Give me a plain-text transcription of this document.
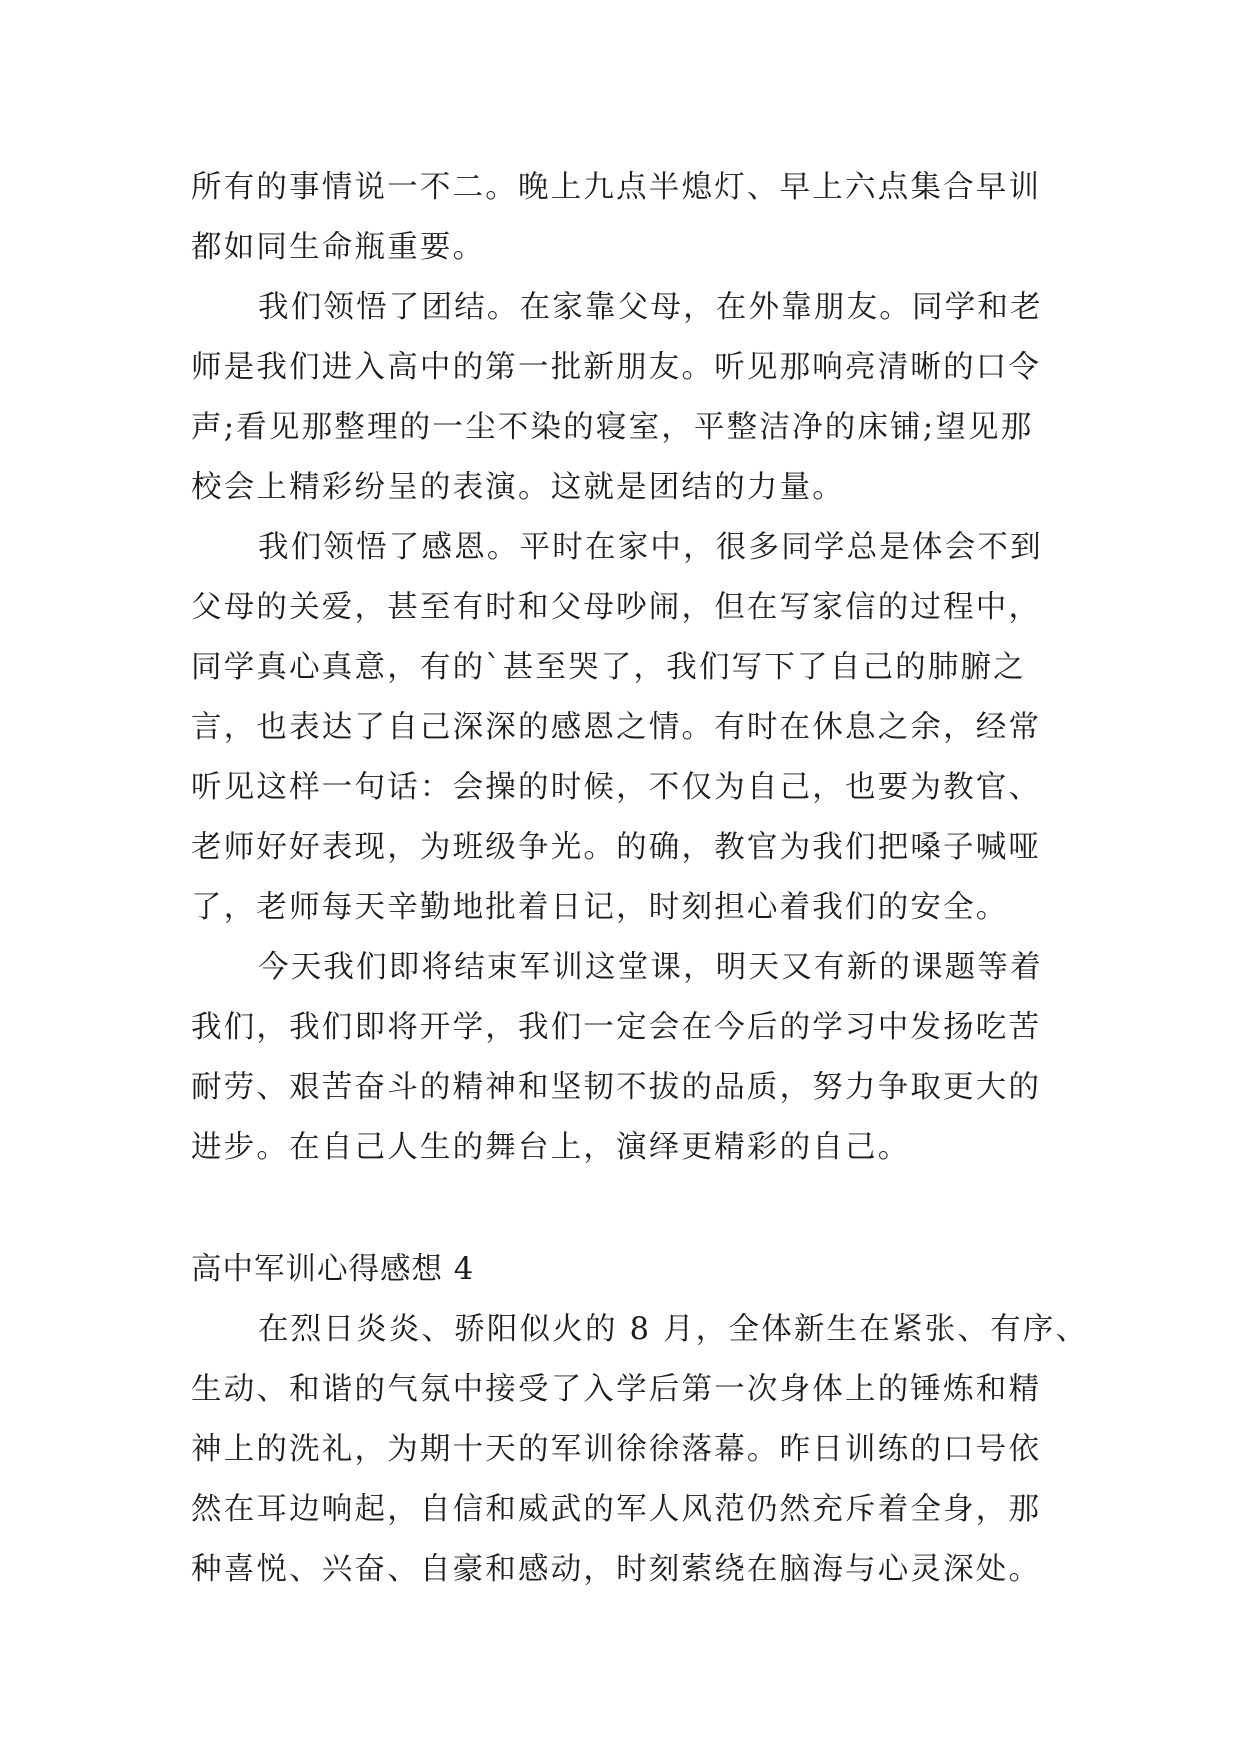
所有的事情说一不二。晚上九点半熄灯、早上六点集合早训
都如同生命瓶重要。
我们领悟了团结。在家靠父母，在外靠朋友。同学和老
师是我们进入高中的第一批新朋友。听见那响亮清晰的口令
声;看见那整理的一尘不染的寝室，平整洁净的床铺;望见那
校会上精彩纷呈的表演。这就是团结的力量。
我们领悟了感恩。平时在家中，很多同学总是体会不到
父母的关爱，甚至有时和父母吵闹，但在写家信的过程中，
同学真心真意，有的`甚至哭了，我们写下了自己的肺腑之
言，也表达了自己深深的感恩之情。有时在休息之余，经常
听见这样一句话：会操的时候，不仅为自己，也要为教官、
老师好好表现，为班级争光。的确，教官为我们把嗓子喊哑
了，老师每天辛勤地批着日记，时刻担心着我们的安全。
今天我们即将结束军训这堂课，明天又有新的课题等着
我们，我们即将开学，我们一定会在今后的学习中发扬吃苦
耐劳、艰苦奋斗的精神和坚韧不拔的品质，努力争取更大的
进步。在自己人生的舞台上，演绎更精彩的自己。
高中军训心得感想 4
在烈日炎炎、骄阳似火的 8 月，全体新生在紧张、有序、
生动、和谐的气氛中接受了入学后第一次身体上的锤炼和精
神上的洗礼，为期十天的军训徐徐落幕。昨日训练的口号依
然在耳边响起，自信和威武的军人风范仍然充斥着全身，那
种喜悦、兴奋、自豪和感动，时刻萦绕在脑海与心灵深处。
